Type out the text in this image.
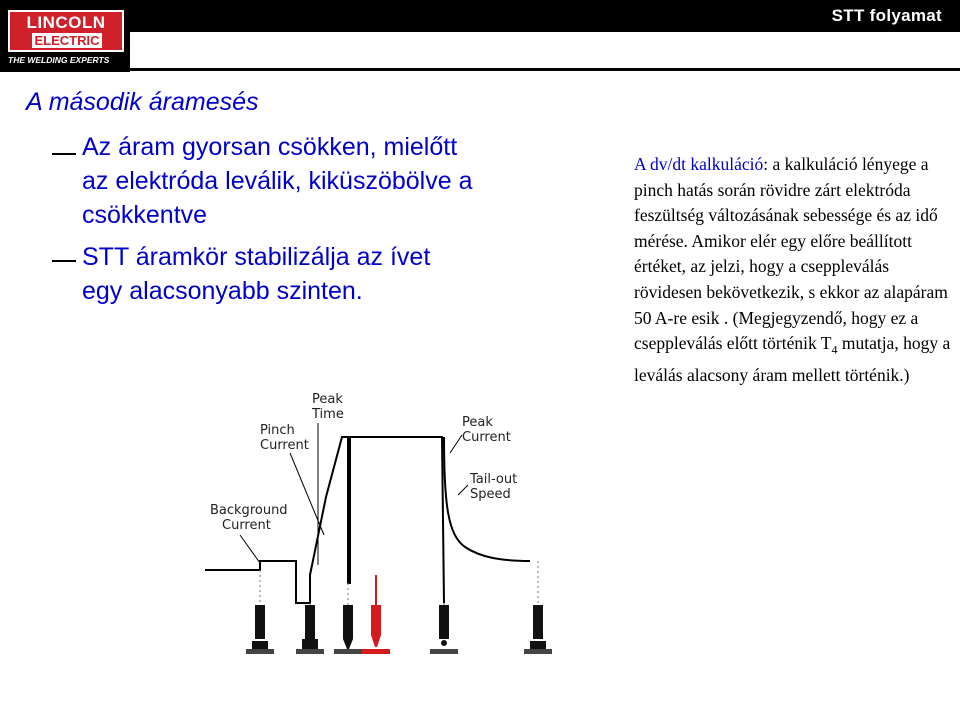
STT folyamat
LINCOLN
ELECTRIC
THE WELDING EXPERTS
A második áramesés
Az áram gyorsan csökken, mielőtt
az elektróda leválik, kiküszöbölve a
csökkentve
STT áramkör stabilizálja az ívet
egy alacsonyabb szinten.
A dv/dt kalkuláció: a kalkuláció lényege a pinch hatás során rövidre zárt elektróda feszültség változásának sebessége és az idő mérése. Amikor elér egy előre beállított értéket, az jelzi, hogy a cseppleválás rövidesen bekövetkezik, s ekkor az alapáram 50 A-re esik . (Megjegyzendő, hogy ez a cseppleválás előtt történik $T_4$ mutatja, hogy a leválás alacsony áram mellett történik.)
Peak
Time
Pinch
Current
Peak
Current
Tail-out
Speed
Background
Current
